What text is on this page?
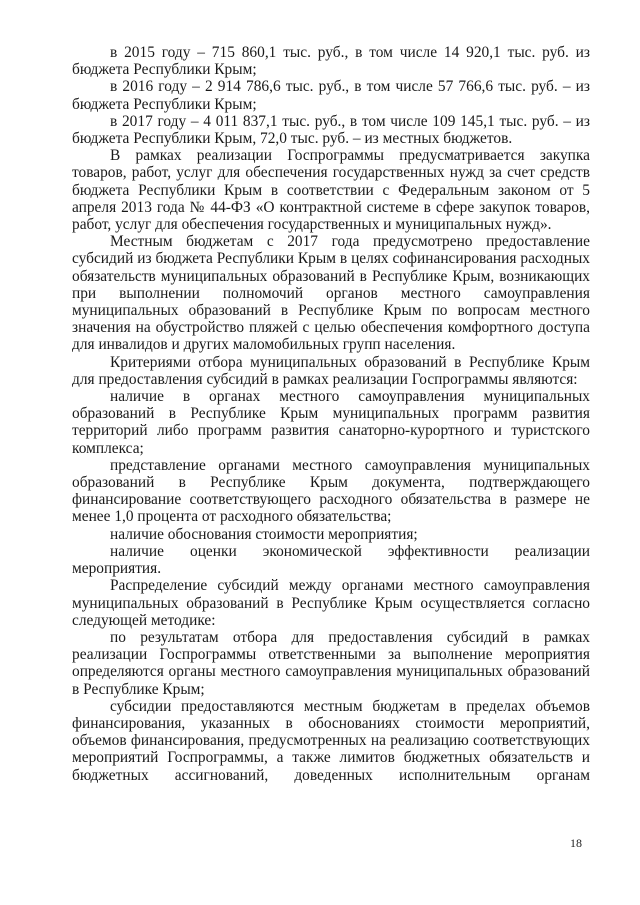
в 2015 году – 715 860,1 тыс. руб., в том числе 14 920,1 тыс. руб. из бюджета Республики Крым;

в 2016 году – 2 914 786,6 тыс. руб., в том числе 57 766,6 тыс. руб. – из бюджета Республики Крым;

в 2017 году – 4 011 837,1 тыс. руб., в том числе 109 145,1 тыс. руб. – из бюджета Республики Крым, 72,0 тыс. руб. – из местных бюджетов.

В рамках реализации Госпрограммы предусматривается закупка товаров, работ, услуг для обеспечения государственных нужд за счет средств бюджета Республики Крым в соответствии с Федеральным законом от 5 апреля 2013 года № 44-ФЗ «О контрактной системе в сфере закупок товаров, работ, услуг для обеспечения государственных и муниципальных нужд».

Местным бюджетам с 2017 года предусмотрено предоставление субсидий из бюджета Республики Крым в целях софинансирования расходных обязательств муниципальных образований в Республике Крым, возникающих при выполнении полномочий органов местного самоуправления муниципальных образований в Республике Крым по вопросам местного значения на обустройство пляжей с целью обеспечения комфортного доступа для инвалидов и других маломобильных групп населения.

Критериями отбора муниципальных образований в Республике Крым для предоставления субсидий в рамках реализации Госпрограммы являются:

наличие в органах местного самоуправления муниципальных образований в Республике Крым муниципальных программ развития территорий либо программ развития санаторно-курортного и туристского комплекса;

представление органами местного самоуправления муниципальных образований в Республике Крым документа, подтверждающего финансирование соответствующего расходного обязательства в размере не менее 1,0 процента от расходного обязательства;

наличие обоснования стоимости мероприятия;

наличие оценки экономической эффективности реализации мероприятия.

Распределение субсидий между органами местного самоуправления муниципальных образований в Республике Крым осуществляется согласно следующей методике:

по результатам отбора для предоставления субсидий в рамках реализации Госпрограммы ответственными за выполнение мероприятия определяются органы местного самоуправления муниципальных образований в Республике Крым;

субсидии предоставляются местным бюджетам в пределах объемов финансирования, указанных в обоснованиях стоимости мероприятий, объемов финансирования, предусмотренных на реализацию соответствующих мероприятий Госпрограммы, а также лимитов бюджетных обязательств и бюджетных ассигнований, доведенных исполнительным органам

18
